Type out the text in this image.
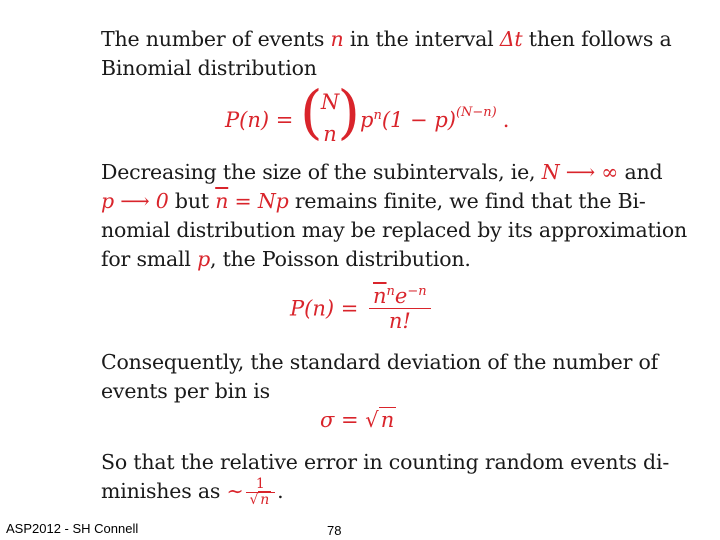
The number of events n in the interval Δt then follows a
Binomial distribution
P(n) = (
N
n ) $p^n(1 - p)^{(N-n)}$ .
Decreasing the size of the subintervals, ie, N ⟶ ∞ and
p ⟶ 0 but $\overline{n} = Np$ remains finite, we find that the Bi-
nomial distribution may be replaced by its approximation
for small p, the Poisson distribution.
$P(n) = \frac{\overline{n}^ne^{-n}}{n!}$
Consequently, the standard deviation of the number of
events per bin is
σ = √n
So that the relative error in counting random events di-
minishes as ∼ $\frac{1}{√ n}$ .
ASP2012 - SH Connell	78
